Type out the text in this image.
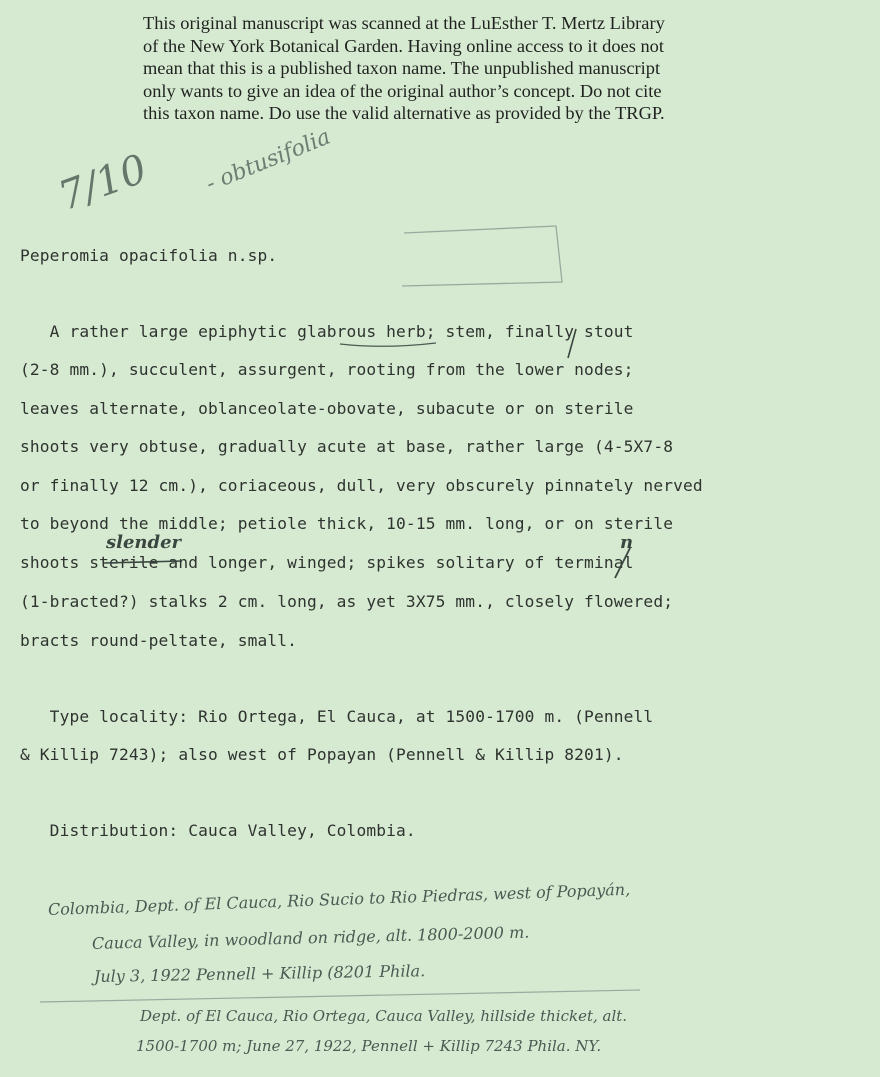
This original manuscript was scanned at the LuEsther T. Mertz Library
of the New York Botanical Garden. Having online access to it does not
mean that this is a published taxon name. The unpublished manuscript
only wants to give an idea of the original author’s concept. Do not cite
this taxon name. Do use the valid alternative as provided by the TRGP.
7/10 - obtusifolia
Peperomia opacifolia n.sp.
A rather large epiphytic glabrous herb; stem, finally stout
(2-8 mm.), succulent, assurgent, rooting from the lower nodes;
leaves alternate, oblanceolate-obovate, subacute or on sterile
shoots very obtuse, gradually acute at base, rather large (4-5X7-8
or finally 12 cm.), coriaceous, dull, very obscurely pinnately nerved
to beyond the middle; petiole thick, 10-15 mm. long, or on sterile
shoots sterile and longer, winged; spikes solitary of terminal
(1-bracted?) stalks 2 cm. long, as yet 3X75 mm., closely flowered;
bracts round-peltate, small.
slender	n
Type locality: Rio Ortega, El Cauca, at 1500-1700 m. (Pennell
& Killip 7243); also west of Popayan (Pennell & Killip 8201).
Distribution: Cauca Valley, Colombia.
Colombia, Dept. of El Cauca, Rio Sucio to Rio Piedras, west of Popayán,
Cauca Valley, in woodland on ridge, alt. 1800-2000 m.
July 3, 1922 Pennell + Killip (8201 Phila.
Dept. of El Cauca, Rio Ortega, Cauca Valley, hillside thicket, alt.
1500-1700 m; June 27, 1922, Pennell + Killip 7243 Phila. NY.
